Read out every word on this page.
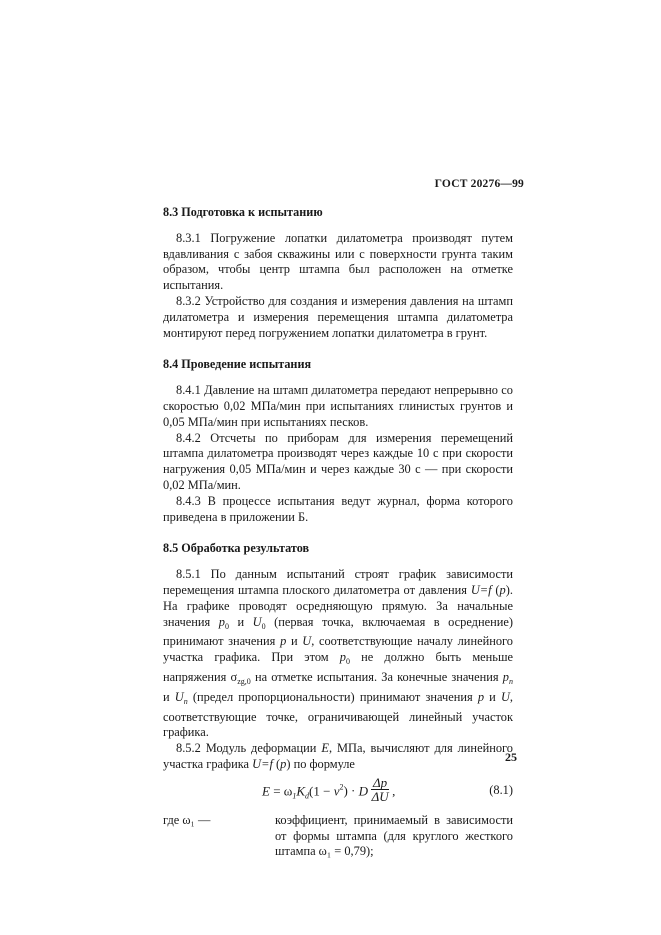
ГОСТ 20276—99

8.3 Подготовка к испытанию

8.3.1 Погружение лопатки дилатометра производят путем вдавливания с забоя скважины или с поверхности грунта таким образом, чтобы центр штампа был расположен на отметке испытания.

8.3.2 Устройство для создания и измерения давления на штамп дилатометра и измерения перемещения штампа дилатометра монтируют перед погружением лопатки дилатометра в грунт.

8.4 Проведение испытания

8.4.1 Давление на штамп дилатометра передают непрерывно со скоростью 0,02 МПа/мин при испытаниях глинистых грунтов и 0,05 МПа/мин при испытаниях песков.

8.4.2 Отсчеты по приборам для измерения перемещений штампа дилатометра производят через каждые 10 с при скорости нагружения 0,05 МПа/мин и через каждые 30 с — при скорости 0,02 МПа/мин.

8.4.3 В процессе испытания ведут журнал, форма которого приведена в приложении Б.

8.5 Обработка результатов

8.5.1 По данным испытаний строят график зависимости перемещения штампа плоского дилатометра от давления U=f (p). На графике проводят осредняющую прямую. За начальные значения $p_0$ и $U_0$ (первая точка, включаемая в осреднение) принимают значения p и U, соответствующие началу линейного участка графика. При этом $p_0$ не должно быть меньше напряжения $\sigma_{zg,0}$ на отметке испытания. За конечные значения $p_n$ и $U_n$ (предел пропорциональности) принимают значения p и U, соответствующие точке, ограничивающей линейный участок графика.

8.5.2 Модуль деформации E, МПа, вычисляют для линейного участка графика U=f (p) по формуле

$E = \omega_1K_d(1 - \nu^2) \cdot D \frac{\Delta p}{\Delta U}$ ,	(8.1)
где ω₁ —	коэффициент, принимаемый в зависимости от формы штампа (для круглого жесткого штампа ω₁ = 0,79);
25
